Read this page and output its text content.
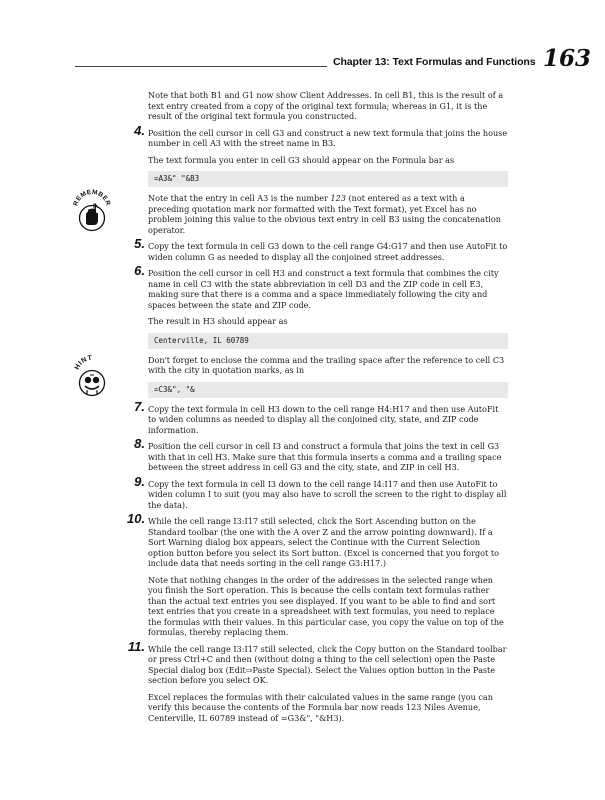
Chapter 13: Text Formulas and Functions 163
REMEMBER
HINT

Note that both B1 and G1 now show Client Addresses. In cell B1, this is the result of a text entry created from a copy of the original text formula; whereas in G1, it is the result of the original text formula you constructed.

4. Position the cell cursor in cell G3 and construct a new text formula that joins the house number in cell A3 with the street name in B3.

The text formula you enter in cell G3 should appear on the Formula bar as

=A3&" "&B3

Note that the entry in cell A3 is the number 123 (not entered as a text with a preceding quotation mark nor formatted with the Text format), yet Excel has no problem joining this value to the obvious text entry in cell B3 using the concatenation operator.

5. Copy the text formula in cell G3 down to the cell range G4:G17 and then use AutoFit to widen column G as needed to display all the conjoined street addresses.

6. Position the cell cursor in cell H3 and construct a text formula that combines the city name in cell C3 with the state abbreviation in cell D3 and the ZIP code in cell E3, making sure that there is a comma and a space immediately following the city and spaces between the state and ZIP code.

The result in H3 should appear as

Centerville, IL 60789

Don't forget to enclose the comma and the trailing space after the reference to cell C3 with the city in quotation marks, as in

=C3&", "&
7. Copy the text formula in cell H3 down to the cell range H4:H17 and then use AutoFit to widen columns as needed to display all the conjoined city, state, and ZIP code information.

8. Position the cell cursor in cell I3 and construct a formula that joins the text in cell G3 with that in cell H3. Make sure that this formula inserts a comma and a trailing space between the street address in cell G3 and the city, state, and ZIP in cell H3.

9. Copy the text formula in cell I3 down to the cell range I4:I17 and then use AutoFit to widen column I to suit (you may also have to scroll the screen to the right to display all the data).

10. While the cell range I3:I17 still selected, click the Sort Ascending button on the Standard toolbar (the one with the A over Z and the arrow pointing downward). If a Sort Warning dialog box appears, select the Continue with the Current Selection option button before you select its Sort button. (Excel is concerned that you forgot to include data that needs sorting in the cell range G3:H17.)

Note that nothing changes in the order of the addresses in the selected range when you finish the Sort operation. This is because the cells contain text formulas rather than the actual text entries you see displayed. If you want to be able to find and sort text entries that you create in a spreadsheet with text formulas, you need to replace the formulas with their values. In this particular case, you copy the value on top of the formulas, thereby replacing them.

11. While the cell range I3:I17 still selected, click the Copy button on the Standard toolbar or press Ctrl+C and then (without doing a thing to the cell selection) open the Paste Special dialog box (Edit⇨Paste Special). Select the Values option button in the Paste section before you select OK.

Excel replaces the formulas with their calculated values in the same range (you can verify this because the contents of the Formula bar now reads 123 Niles Avenue, Centerville, IL 60789 instead of =G3&", "&H3).
